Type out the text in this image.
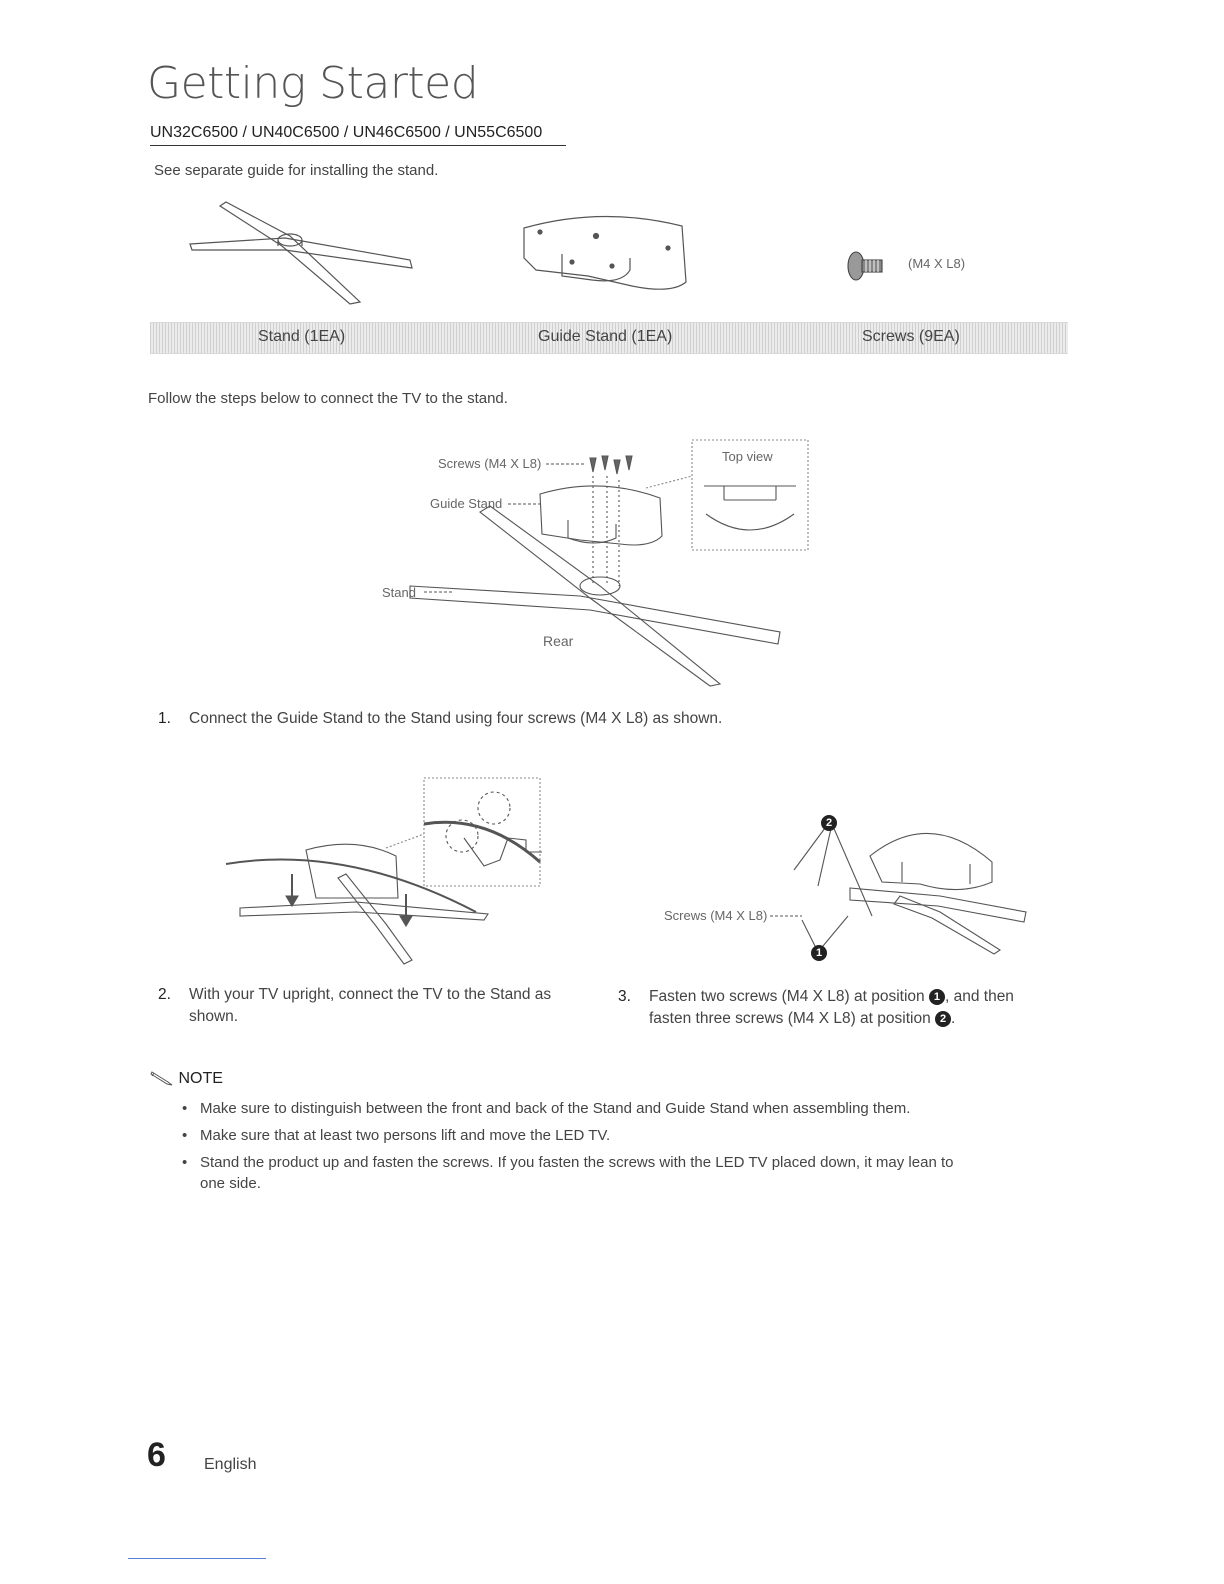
Getting Started
UN32C6500 / UN40C6500 / UN46C6500 / UN55C6500
See separate guide for installing the stand.
(M4 X L8)
Stand (1EA)	Guide Stand (1EA)	Screws (9EA)
Follow the steps below to connect the TV to the stand.
Screws (M4 X L8)
Guide Stand
Stand
Rear
Top view
1. Connect the Guide Stand to the Stand using four screws (M4 X L8) as shown.
Screws (M4 X L8)
2
1
2. With your TV upright, connect the TV to the Stand as
shown.
3. Fasten two screws (M4 X L8) at position 1 , and then
fasten three screws (M4 X L8) at position 2 .
NOTE
• Make sure to distinguish between the front and back of the Stand and Guide Stand when assembling them.
• Make sure that at least two persons lift and move the LED TV.
• Stand the product up and fasten the screws. If you fasten the screws with the LED TV placed down, it may lean to
one side.
6 English
